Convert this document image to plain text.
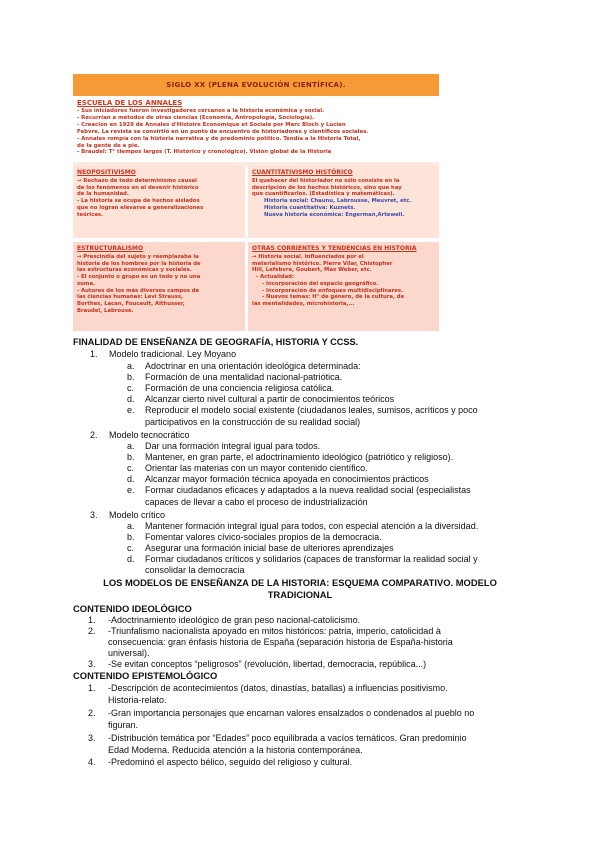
SIGLO XX (PLENA EVOLUCIÓN CIENTÍFICA).
ESCUELA DE LOS ANNALES

- Sus iniciadores fueron investigadores cercanos a la historia económica y social.

- Recurrían a métodos de otras ciencias (Economía, Antropología, Sociología).

- Creación en 1929 de Annales d'Histoire Economique et Sociale por Marc Bloch y Lucien

Febvre. La revista se convirtió en un punto de encuentro de historiadores y científicos sociales.

- Annales rompía con la historia narrativa y de predominio político. Tendía a la Historia Total,

de la gente de a pie.

- Braudel: T° tiempos largos (T. Histórico y cronológico). Visión global de la Historia

NEOPOSITIVISMO

→ Rechazo de todo determinismo causal

de los fenómenos en el devenir histórico

de la humanidad.

- La historia se ocupa de hechos aislados

que no logran elevarse a generalizaciones

teóricas.

CUANTITATIVISMO HISTÓRICO

El quehacer del historiador no sólo consiste en la

descripción de los hechos históricos, sino que hay

que cuantificarlos. (Estadística y matemáticas).

Historia social: Chaunu, Labrousse, Meuvret, etc.

Historia cuantitativa: Kuznets.

Nueva historia económica: Engerman,Artewell.

ESTRUCTURALISMO

→ Prescindía del sujeto y reemplazaba la

historia de los hombres por la historia de

las estructuras económicas y sociales.

- El conjunto o grupo es un todo y no una

suma.

- Autores de los más diversos campos de

las ciencias humanas: Levi Strauss,

Borthes, Lacan, Foucault, Althusser,

Braudel, Labrouse.

OTRAS CORRIENTES Y TENDENCIAS EN HISTORIA

→ Historia social. Influenciados por el

materialismo histórico. Pierre Vilar, Chistopher

Hill, Lefebvre, Goubert, Max Weber, etc.

- Actualidad:

- Incorporación del espacio geográfico.

- Incorporación de enfoques multidisciplinares.

- Nuevos temas: H° de género, de la cultura, de

las mentalidades, microhistoria,...

FINALIDAD DE ENSEÑANZA DE GEOGRAFÍA, HISTORIA Y CCSS.
1. Modelo tradicional. Ley Moyano
a. Adoctrinar en una orientación ideológica determinada:
b. Formación de una mentalidad nacional-patriótica.
c. Formación de una conciencia religiosa católica.
d. Alcanzar cierto nivel cultural a partir de conocimientos teóricos
e. Reproducir el modelo social existente (ciudadanos leales, sumisos, acríticos y poco
participativos en la construcción de su realidad social)
2. Modelo tecnocrático
a. Dar una formación integral igual para todos.
b. Mantener, en gran parte, el adoctrinamiento ideológico (patriótico y religioso).
c. Orientar las materias con un mayor contenido científico.
d. Alcanzar mayor formación técnica apoyada en conocimientos prácticos
e. Formar ciudadanos eficaces y adaptados a la nueva realidad social (especialistas
capaces de llevar a cabo el proceso de industrialización
3. Modelo crítico
a. Mantener formación integral igual para todos, con especial atención a la diversidad.
b. Fomentar valores cívico-sociales propios de la democracia.
c. Asegurar una formación inicial base de ulteriores aprendizajes
d. Formar ciudadanos críticos y solidarios (capaces de transformar la realidad social y
consolidar la democracia
LOS MODELOS DE ENSEÑANZA DE LA HISTORIA: ESQUEMA COMPARATIVO. MODELO
TRADICIONAL
CONTENIDO IDEOLÓGICO
1. -Adoctrinamiento ideológico de gran peso nacional-catolicismo.
2. -Triunfalismo nacionalista apoyado en mitos históricos: patria, imperio, catolicidad à
consecuencia: gran énfasis historia de España (separación historia de España-historia
universal).
3. -Se evitan conceptos “peligrosos” (revolución, libertad, democracia, república...)
CONTENIDO EPISTEMOLÓGICO
1. -Descripción de acontecimientos (datos, dinastías, batallas) a influencias positivismo.
Historia-relato.
2. -Gran importancia personajes que encarnan valores ensalzados o condenados al pueblo no
figuran.
3. -Distribución temática por “Edades” poco equilibrada a vacíos temáticos. Gran predominio
Edad Moderna. Reducida atención a la historia contemporánea.
4. -Predominó el aspecto bélico, seguido del religioso y cultural.
